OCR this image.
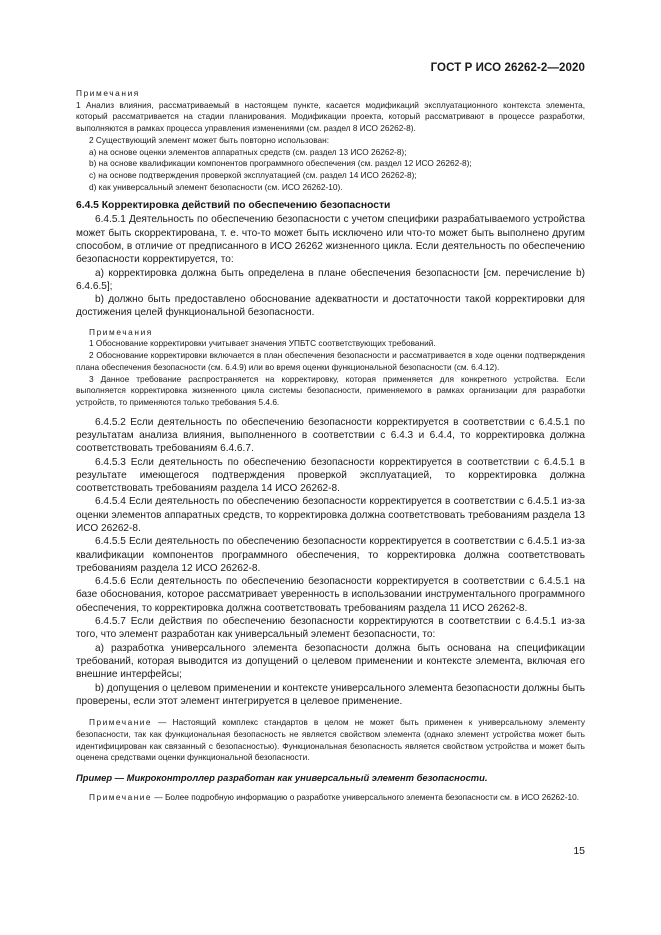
ГОСТ Р ИСО 26262-2—2020

Примечания

1 Анализ влияния, рассматриваемый в настоящем пункте, касается модификаций эксплуатационного контекста элемента, который рассматривается на стадии планирования. Модификации проекта, который рассматривают в процессе разработки, выполняются в рамках процесса управления изменениями (см. раздел 8 ИСО 26262-8).

2 Существующий элемент может быть повторно использован:

a) на основе оценки элементов аппаратных средств (см. раздел 13 ИСО 26262-8);

b) на основе квалификации компонентов программного обеспечения (см. раздел 12 ИСО 26262-8);

c) на основе подтверждения проверкой эксплуатацией (см. раздел 14 ИСО 26262-8);

d) как универсальный элемент безопасности (см. ИСО 26262-10).

6.4.5 Корректировка действий по обеспечению безопасности

6.4.5.1 Деятельность по обеспечению безопасности с учетом специфики разрабатываемого устройства может быть скорректирована, т. е. что-то может быть исключено или что-то может быть выполнено другим способом, в отличие от предписанного в ИСО 26262 жизненного цикла. Если деятельность по обеспечению безопасности корректируется, то:

a) корректировка должна быть определена в плане обеспечения безопасности [см. перечисление b) 6.4.6.5];

b) должно быть предоставлено обоснование адекватности и достаточности такой корректировки для достижения целей функциональной безопасности.

Примечания

1 Обоснование корректировки учитывает значения УПБТС соответствующих требований.

2 Обоснование корректировки включается в план обеспечения безопасности и рассматривается в ходе оценки подтверждения плана обеспечения безопасности (см. 6.4.9) или во время оценки функциональной безопасности (см. 6.4.12).

3 Данное требование распространяется на корректировку, которая применяется для конкретного устройства. Если выполняется корректировка жизненного цикла системы безопасности, применяемого в рамках организации для разработки устройств, то применяются только требования 5.4.6.

6.4.5.2 Если деятельность по обеспечению безопасности корректируется в соответствии с 6.4.5.1 по результатам анализа влияния, выполненного в соответствии с 6.4.3 и 6.4.4, то корректировка должна соответствовать требованиям 6.4.6.7.

6.4.5.3 Если деятельность по обеспечению безопасности корректируется в соответствии с 6.4.5.1 в результате имеющегося подтверждения проверкой эксплуатацией, то корректировка должна соответствовать требованиям раздела 14 ИСО 26262-8.

6.4.5.4 Если деятельность по обеспечению безопасности корректируется в соответствии с 6.4.5.1 из-за оценки элементов аппаратных средств, то корректировка должна соответствовать требованиям раздела 13 ИСО 26262-8.

6.4.5.5 Если деятельность по обеспечению безопасности корректируется в соответствии с 6.4.5.1 из-за квалификации компонентов программного обеспечения, то корректировка должна соответствовать требованиям раздела 12 ИСО 26262-8.

6.4.5.6 Если деятельность по обеспечению безопасности корректируется в соответствии с 6.4.5.1 на базе обоснования, которое рассматривает уверенность в использовании инструментального программного обеспечения, то корректировка должна соответствовать требованиям раздела 11 ИСО 26262-8.

6.4.5.7 Если действия по обеспечению безопасности корректируются в соответствии с 6.4.5.1 из-за того, что элемент разработан как универсальный элемент безопасности, то:

a) разработка универсального элемента безопасности должна быть основана на спецификации требований, которая выводится из допущений о целевом применении и контексте элемента, включая его внешние интерфейсы;

b) допущения о целевом применении и контексте универсального элемента безопасности должны быть проверены, если этот элемент интегрируется в целевое применение.

Примечание — Настоящий комплекс стандартов в целом не может быть применен к универсальному элементу безопасности, так как функциональная безопасность не является свойством элемента (однако элемент устройства может быть идентифицирован как связанный с безопасностью). Функциональная безопасность является свойством устройства и может быть оценена средствами оценки функциональной безопасности.

Пример — Микроконтроллер разработан как универсальный элемент безопасности.

Примечание — Более подробную информацию о разработке универсального элемента безопасности см. в ИСО 26262-10.

15
